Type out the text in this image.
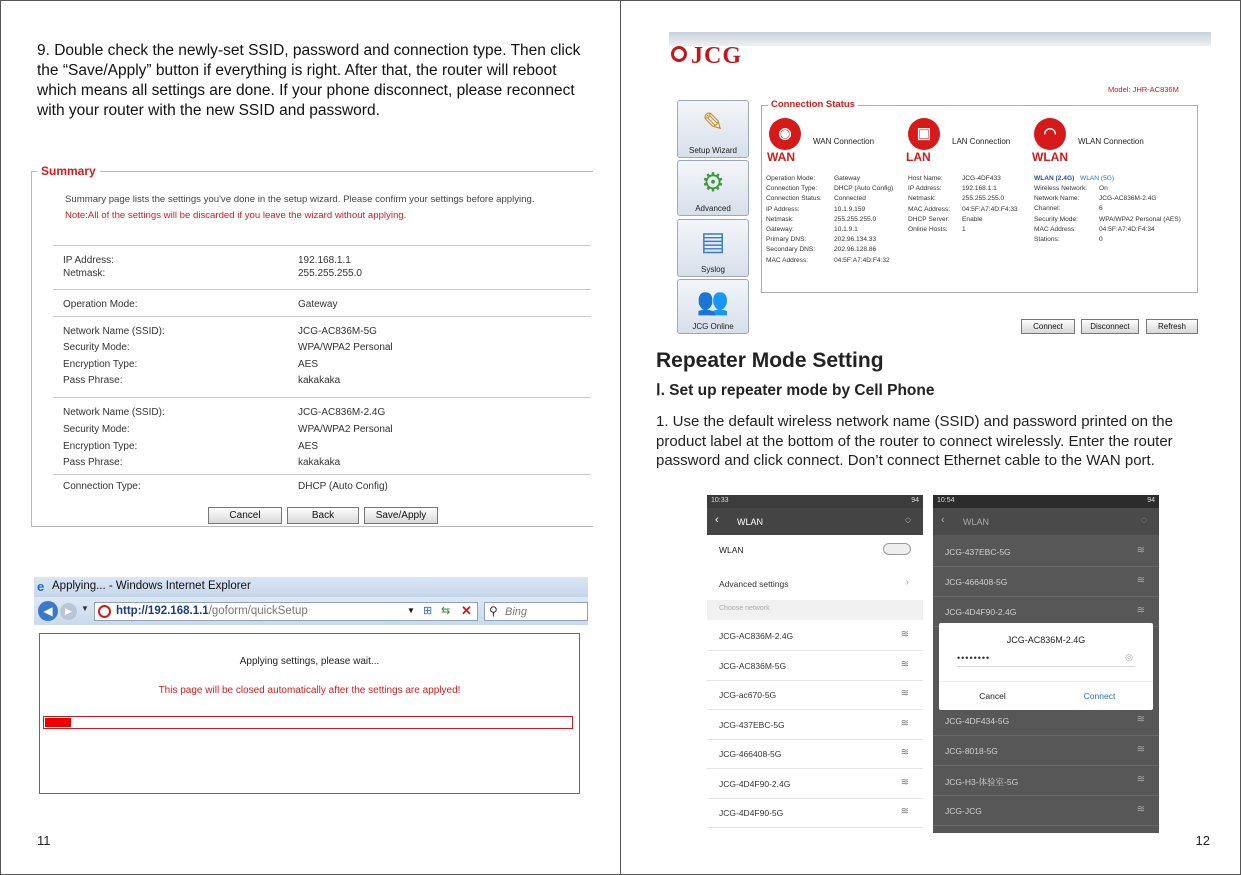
9. Double check the newly-set SSID, password and connection type. Then click the “Save/Apply” button if everything is right. After that, the router will reboot which means all settings are done. If your phone disconnect, please reconnect with your router with the new SSID and password.
Summary
Summary page lists the settings you've done in the setup wizard. Please confirm your settings before applying.
Note:All of the settings will be discarded if you leave the wizard without applying.
IP Address:	192.168.1.1
Netmask:	255.255.255.0
Operation Mode:	Gateway
Network Name (SSID):	JCG-AC836M-5G
Security Mode:	WPA/WPA2 Personal
Encryption Type:	AES
Pass Phrase:	kakakaka
Network Name (SSID):	JCG-AC836M-2.4G
Security Mode:	WPA/WPA2 Personal
Encryption Type:	AES
Pass Phrase:	kakakaka
Connection Type:	DHCP (Auto Config)
Cancel	Back	Save/Apply
e Applying... - Windows Internet Explorer
◀	▶	▼ http://192.168.1.1/goform/quickSetup	▼ ⊞ ⇆ ✕ ⚲ Bing
Applying settings, please wait...
This page will be closed automatically after the settings are applyed!
11
JCG
Model: JHR-AC836M
✎
Setup Wizard
⚙
Advanced
▤
Syslog
👥
JCG Online
Connection Status
◉	WAN Connection
WAN
Operation Mode:	Gateway
Connection Type:	DHCP (Auto Config)
Connection Status: Connected
IP Address:	10.1.9.159
Netmask:	255.255.255.0
Gateway:	10.1.9.1
Primary DNS:	202.96.134.33
Secondary DNS:	202.96.128.86
MAC Address:	04:5F:A7:4D:F4:32
▣	LAN Connection
LAN
Host Name:	JCG-4DF433
IP Address:	192.168.1.1
Netmask:	255.255.255.0
MAC Address: 04:5F:A7:4D:F4:33
DHCP Server: Enable
Online Hosts: 1
◠	WLAN Connection
WLAN
Wireless Network: On
Network Name:	JCG-AC836M-2.4G
Channel:	6
Security Mode:	WPA/WPA2 Personal (AES)
MAC Address:	04:5F:A7:4D:F4:34
Stations:	0
WLAN (2.4G) WLAN (5G)
Connect	Disconnect	Refresh
Repeater Mode Setting
Ⅰ. Set up repeater mode by Cell Phone
1. Use the default wireless network name (SSID) and password printed on the product label at the bottom of the router to connect wirelessly. Enter the router password and click connect. Don’t connect Ethernet cable to the WAN port.
10:33	94
‹ WLAN	◌
WLAN
Advanced settings	›
Choose network
JCG-AC836M-2.4G	≋
JCG-AC836M-5G	≋
JCG-ac670-5G	≋
JCG-437EBC-5G	≋
JCG-466408-5G	≋
JCG-4D4F90-2.4G	≋
JCG-4D4F90-5G	≋
10:54	94
‹ WLAN	◌
JCG-437EBC-5G	≋
JCG-466408-5G	≋
JCG-4D4F90-2.4G	≋
JCG-4DF434-5G	≋
JCG-8018-5G	≋
JCG-H3-体验室-5G	≋
JCG-JCG	≋
JCG-AC836M-2.4G
••••••••	◎
Cancel	Connect
12
